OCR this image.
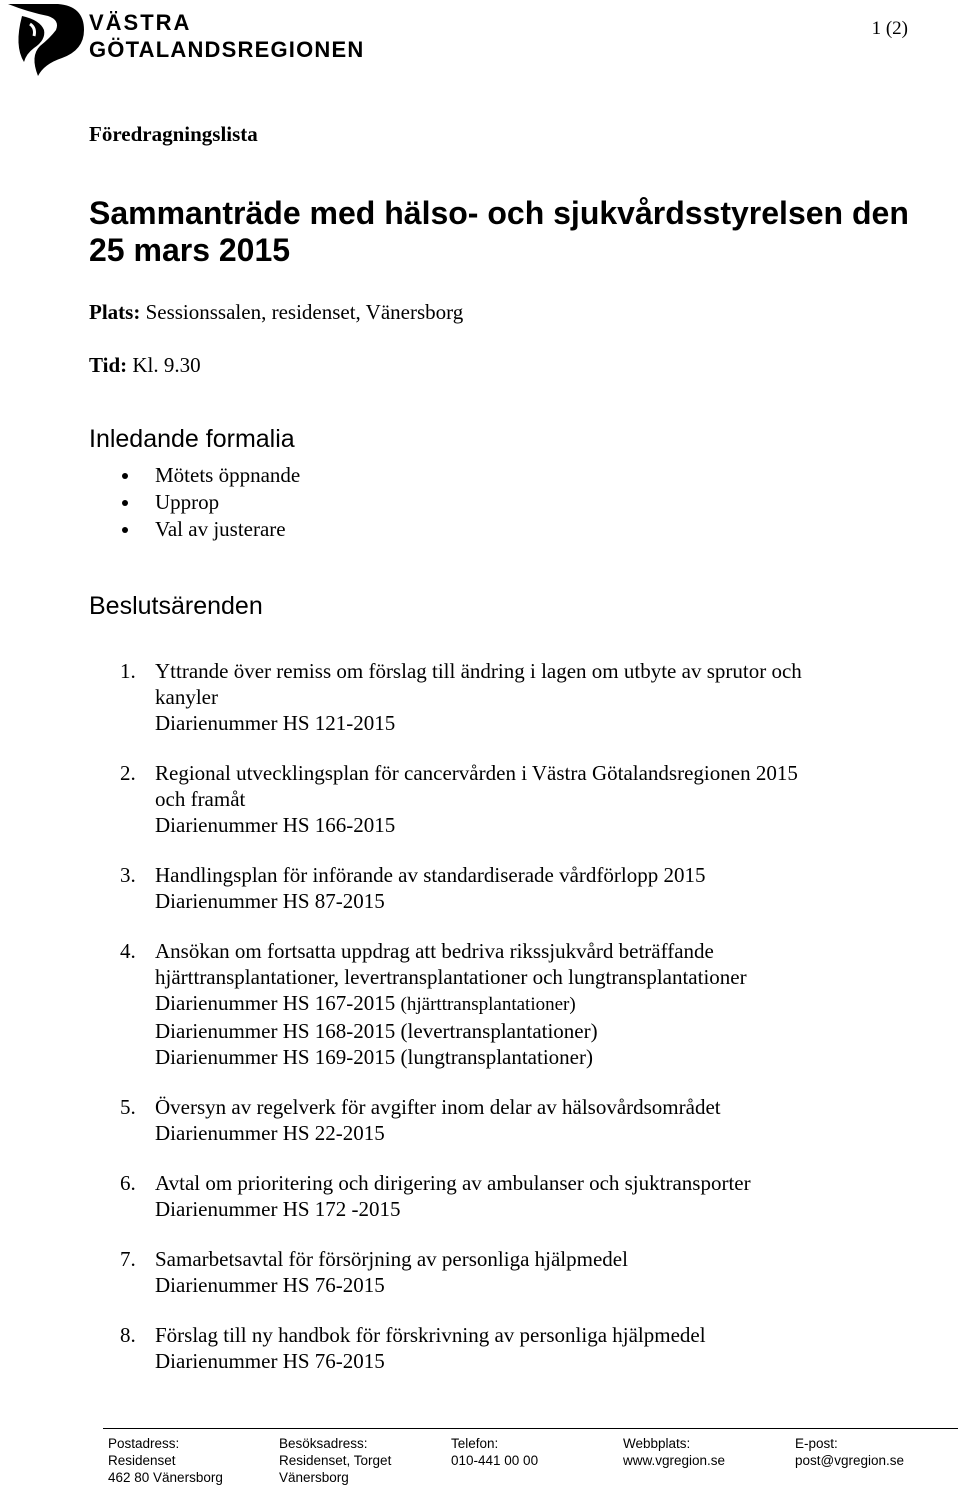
VÄSTRA
GÖTALANDSREGIONEN
1 (2)
Föredragningslista
Sammanträde med hälso- och sjukvårdsstyrelsen den 25 mars 2015
Plats: Sessionssalen, residenset, Vänersborg
Tid: Kl. 9.30
Inledande formalia
Mötets öppnande
Upprop
Val av justerare
Beslutsärenden
1. Yttrande över remiss om förslag till ändring i lagen om utbyte av sprutor och
kanyler
Diarienummer HS 121-2015
2. Regional utvecklingsplan för cancervården i Västra Götalandsregionen 2015
och framåt
Diarienummer HS 166-2015
3. Handlingsplan för införande av standardiserade vårdförlopp 2015
Diarienummer HS 87-2015
4. Ansökan om fortsatta uppdrag att bedriva rikssjukvård beträffande
hjärttransplantationer, levertransplantationer och lungtransplantationer
Diarienummer HS 167-2015 (hjärttransplantationer)
Diarienummer HS 168-2015 (levertransplantationer)
Diarienummer HS 169-2015 (lungtransplantationer)
5. Översyn av regelverk för avgifter inom delar av hälsovårdsområdet
Diarienummer HS 22-2015
6. Avtal om prioritering och dirigering av ambulanser och sjuktransporter
Diarienummer HS 172 -2015
7. Samarbetsavtal för försörjning av personliga hjälpmedel
Diarienummer HS 76-2015
8. Förslag till ny handbok för förskrivning av personliga hjälpmedel
Diarienummer HS 76-2015
Postadress:
Residenset
462 80 Vänersborg
Besöksadress:
Residenset, Torget
Vänersborg
Telefon:
010-441 00 00
Webbplats:
www.vgregion.se
E-post:
post@vgregion.se
